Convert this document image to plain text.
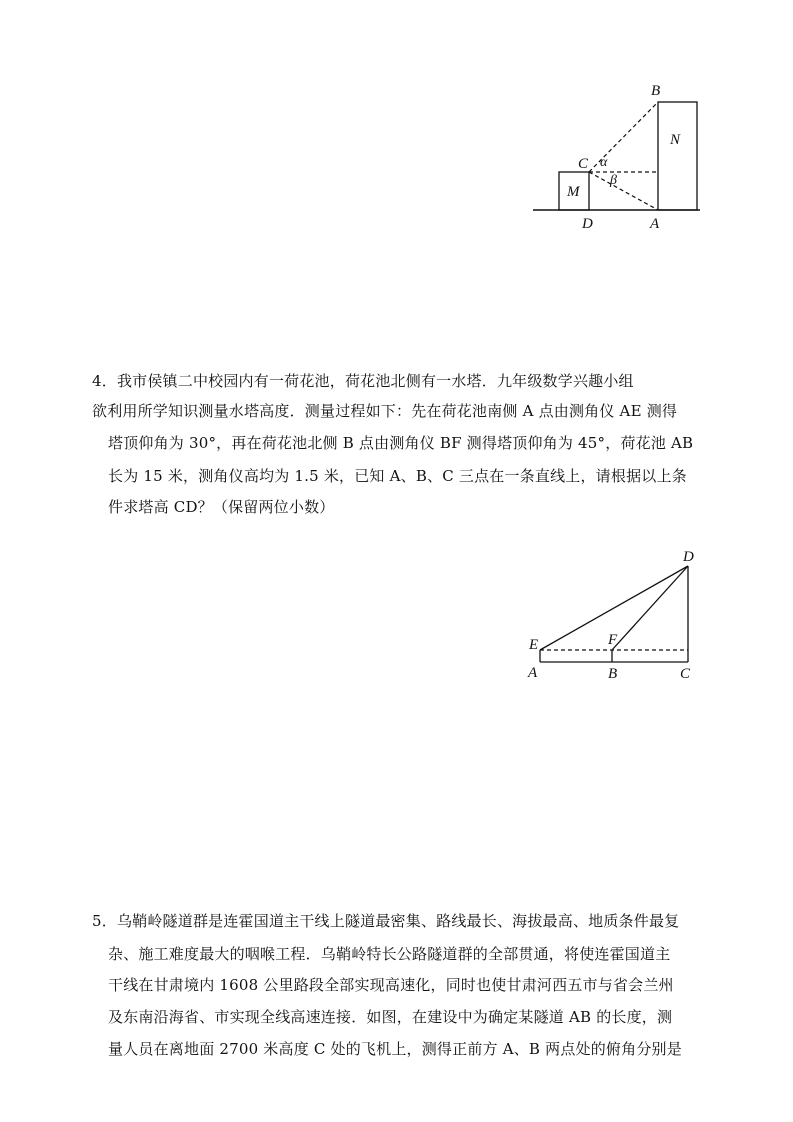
B
N
C α
β
M
D	A
4．我市侯镇二中校园内有一荷花池，荷花池北侧有一水塔．九年级数学兴趣小组
欲利用所学知识测量水塔高度．测量过程如下：先在荷花池南侧 A 点由测角仪 AE 测得
塔顶仰角为 30°，再在荷花池北侧 B 点由测角仪 BF 测得塔顶仰角为 45°，荷花池 AB
长为 15 米，测角仪高均为 1.5 米，已知 A、B、C 三点在一条直线上，请根据以上条
件求塔高 CD？（保留两位小数）
D
E	F
A	B	C
5．乌鞘岭隧道群是连霍国道主干线上隧道最密集、路线最长、海拔最高、地质条件最复
杂、施工难度最大的咽喉工程．乌鞘岭特长公路隧道群的全部贯通，将使连霍国道主
干线在甘肃境内 1608 公里路段全部实现高速化，同时也使甘肃河西五市与省会兰州
及东南沿海省、市实现全线高速连接．如图，在建设中为确定某隧道 AB 的长度，测
量人员在离地面 2700 米高度 C 处的飞机上，测得正前方 A、B 两点处的俯角分别是
